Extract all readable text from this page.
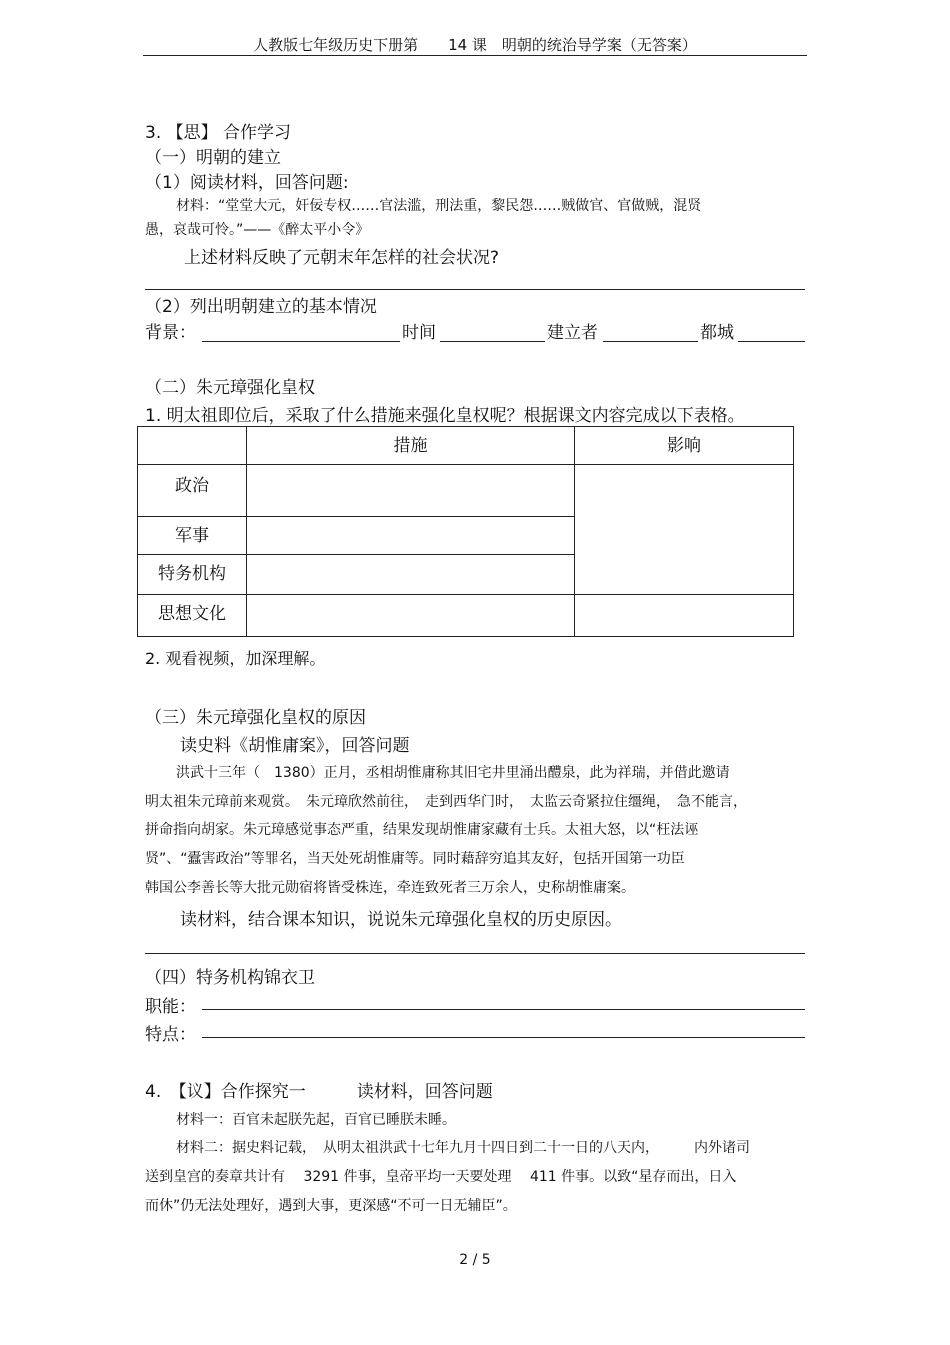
人教版七年级历史下册第　　14 课　明朝的统治导学案（无答案）
3. 【思】 合作学习
（一）明朝的建立
（1）阅读材料，回答问题:
材料：“堂堂大元，奸佞专权……官法滥，刑法重，黎民怨……贼做官、官做贼，混贤
愚，哀哉可怜。”——《醉太平小令》
上述材料反映了元朝末年怎样的社会状况?
（2）列出明朝建立的基本情况
背景：	时间	建立者	都城
（二）朱元璋强化皇权
1. 明太祖即位后，采取了什么措施来强化皇权呢？根据课文内容完成以下表格。
	措施	影响
政治		
军事		
特务机构		
思想文化		
2. 观看视频，加深理解。
（三）朱元璋强化皇权的原因
读史料《胡惟庸案》，回答问题
洪武十三年（　1380）正月，丞相胡惟庸称其旧宅井里涌出醴泉，此为祥瑞，并借此邀请
明太祖朱元璋前来观赏。　朱元璋欣然前往，　走到西华门时，　太监云奇紧拉住缰绳，　急不能言，
拼命指向胡家。朱元璋感觉事态严重，结果发现胡惟庸家藏有士兵。太祖大怒，以“枉法诬
贤”、“蠹害政治”等罪名，当天处死胡惟庸等。同时藉辞穷追其友好，包括开国第一功臣
韩国公李善长等大批元勋宿将皆受株连，牵连致死者三万余人，史称胡惟庸案。
读材料，结合课本知识，说说朱元璋强化皇权的历史原因。
（四）特务机构锦衣卫
职能：
特点：
4.　【议】合作探究一　　　读材料，回答问题
材料一：百官未起朕先起，百官已睡朕未睡。
材料二：据史料记载，　从明太祖洪武十七年九月十四日到二十一日的八天内，　　　内外诸司
送到皇宫的奏章共计有　 3291 件事，皇帝平均一天要处理　 411 件事。以致“星存而出，日入
而休”仍无法处理好，遇到大事，更深感“不可一日无辅臣”。
2 / 5
